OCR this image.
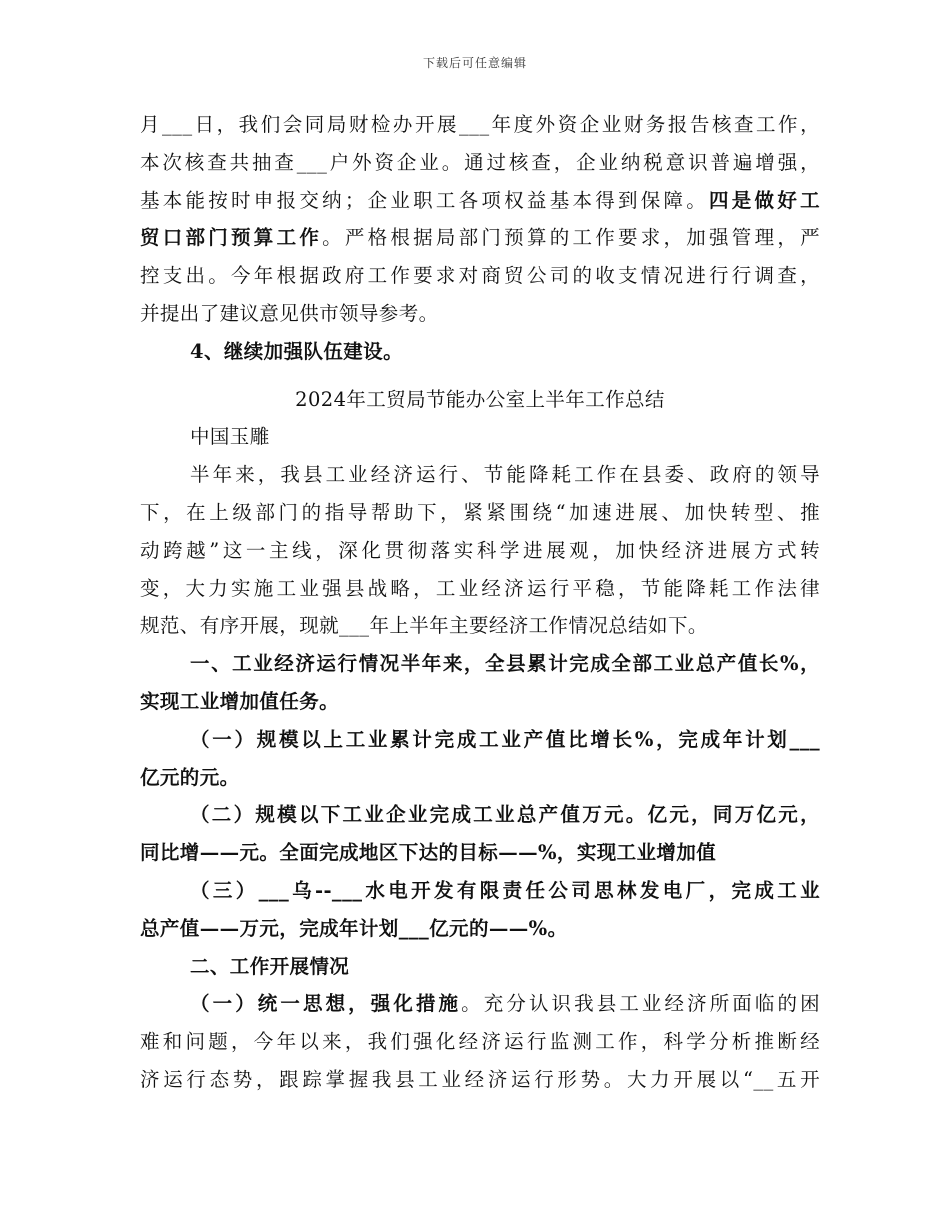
下载后可任意编辑
月___日，我们会同局财检办开展___年度外资企业财务报告核查工作，
本次核查共抽查___户外资企业。通过核查，企业纳税意识普遍增强，
基本能按时申报交纳；企业职工各项权益基本得到保障。四是做好工
贸口部门预算工作。严格根据局部门预算的工作要求，加强管理，严
控支出。今年根据政府工作要求对商贸公司的收支情况进行行调查，
并提出了建议意见供市领导参考。
4、继续加强队伍建设。
2024年工贸局节能办公室上半年工作总结
中国玉雕
半年来，我县工业经济运行、节能降耗工作在县委、政府的领导
下，在上级部门的指导帮助下，紧紧围绕“加速进展、加快转型、推
动跨越”这一主线，深化贯彻落实科学进展观，加快经济进展方式转
变，大力实施工业强县战略，工业经济运行平稳，节能降耗工作法律
规范、有序开展，现就___年上半年主要经济工作情况总结如下。
一、工业经济运行情况半年来，全县累计完成全部工业总产值长%，
实现工业增加值任务。
（一）规模以上工业累计完成工业产值比增长%，完成年计划___
亿元的元。
（二）规模以下工业企业完成工业总产值万元。亿元，同万亿元，
同比增——元。全面完成地区下达的目标——%，实现工业增加值
（三）___乌--___水电开发有限责任公司思林发电厂，完成工业
总产值——万元，完成年计划___亿元的——%。
二、工作开展情况
（一）统一思想，强化措施。充分认识我县工业经济所面临的困
难和问题，今年以来，我们强化经济运行监测工作，科学分析推断经
济运行态势，跟踪掌握我县工业经济运行形势。大力开展以“__五开
